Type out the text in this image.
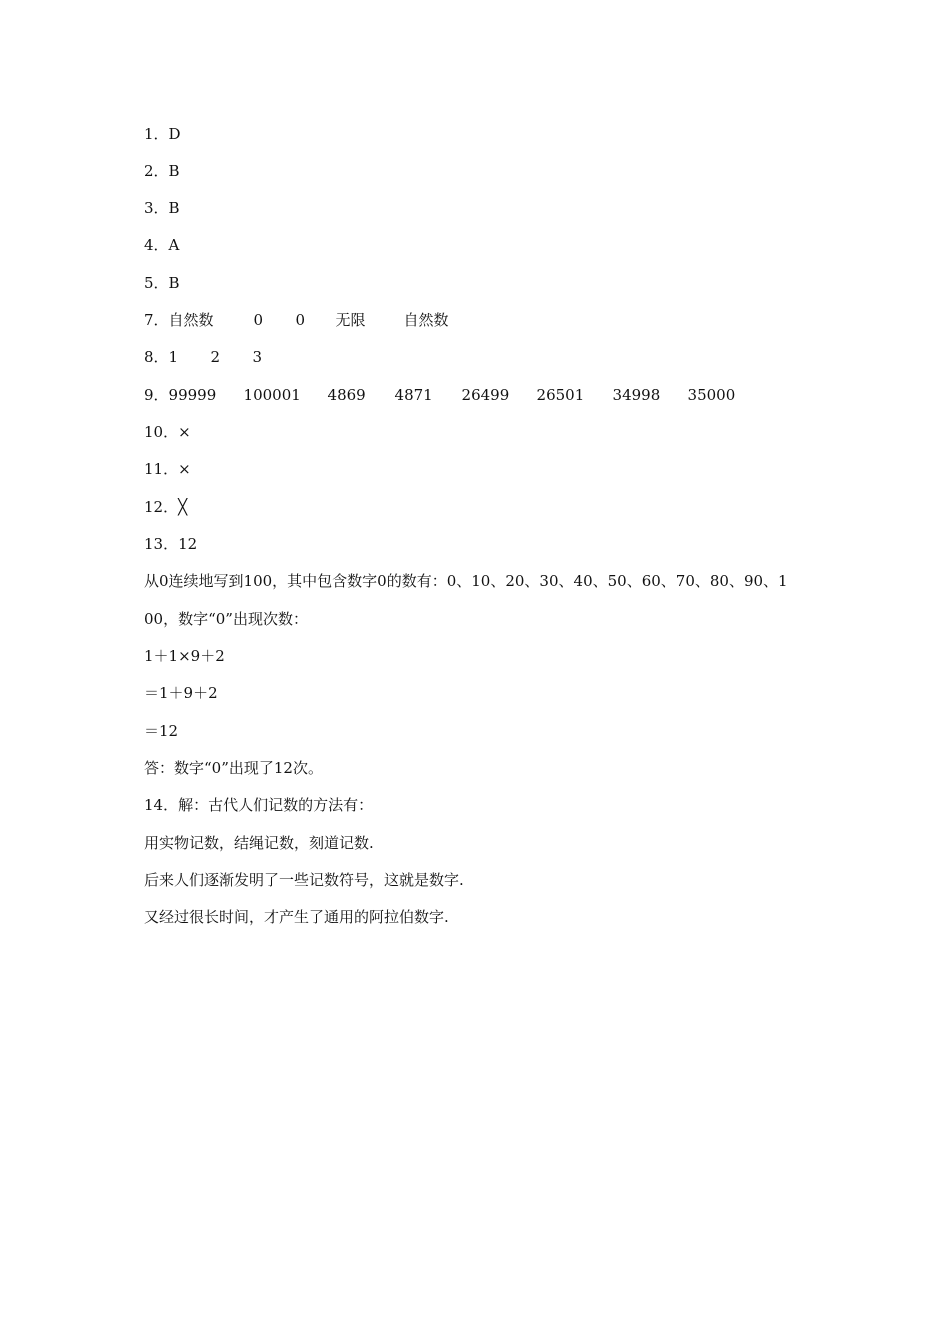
1．D
2．B
3．B
4．A
5．B
7．自然数	0 0 无限	自然数
8．1 2 3
9．99999 100001 4869 4871 26499 26501 34998 35000
10．×
11．×
12．╳
13．12
从0连续地写到100，其中包含数字0的数有：0、10、20、30、40、50、60、70、80、90、1
00，数字“0”出现次数：
1＋1×9＋2
＝1＋9＋2
＝12
答：数字“0”出现了12次。
14．解：古代人们记数的方法有：
用实物记数，结绳记数，刻道记数.
后来人们逐渐发明了一些记数符号，这就是数字.
又经过很长时间，才产生了通用的阿拉伯数字.
